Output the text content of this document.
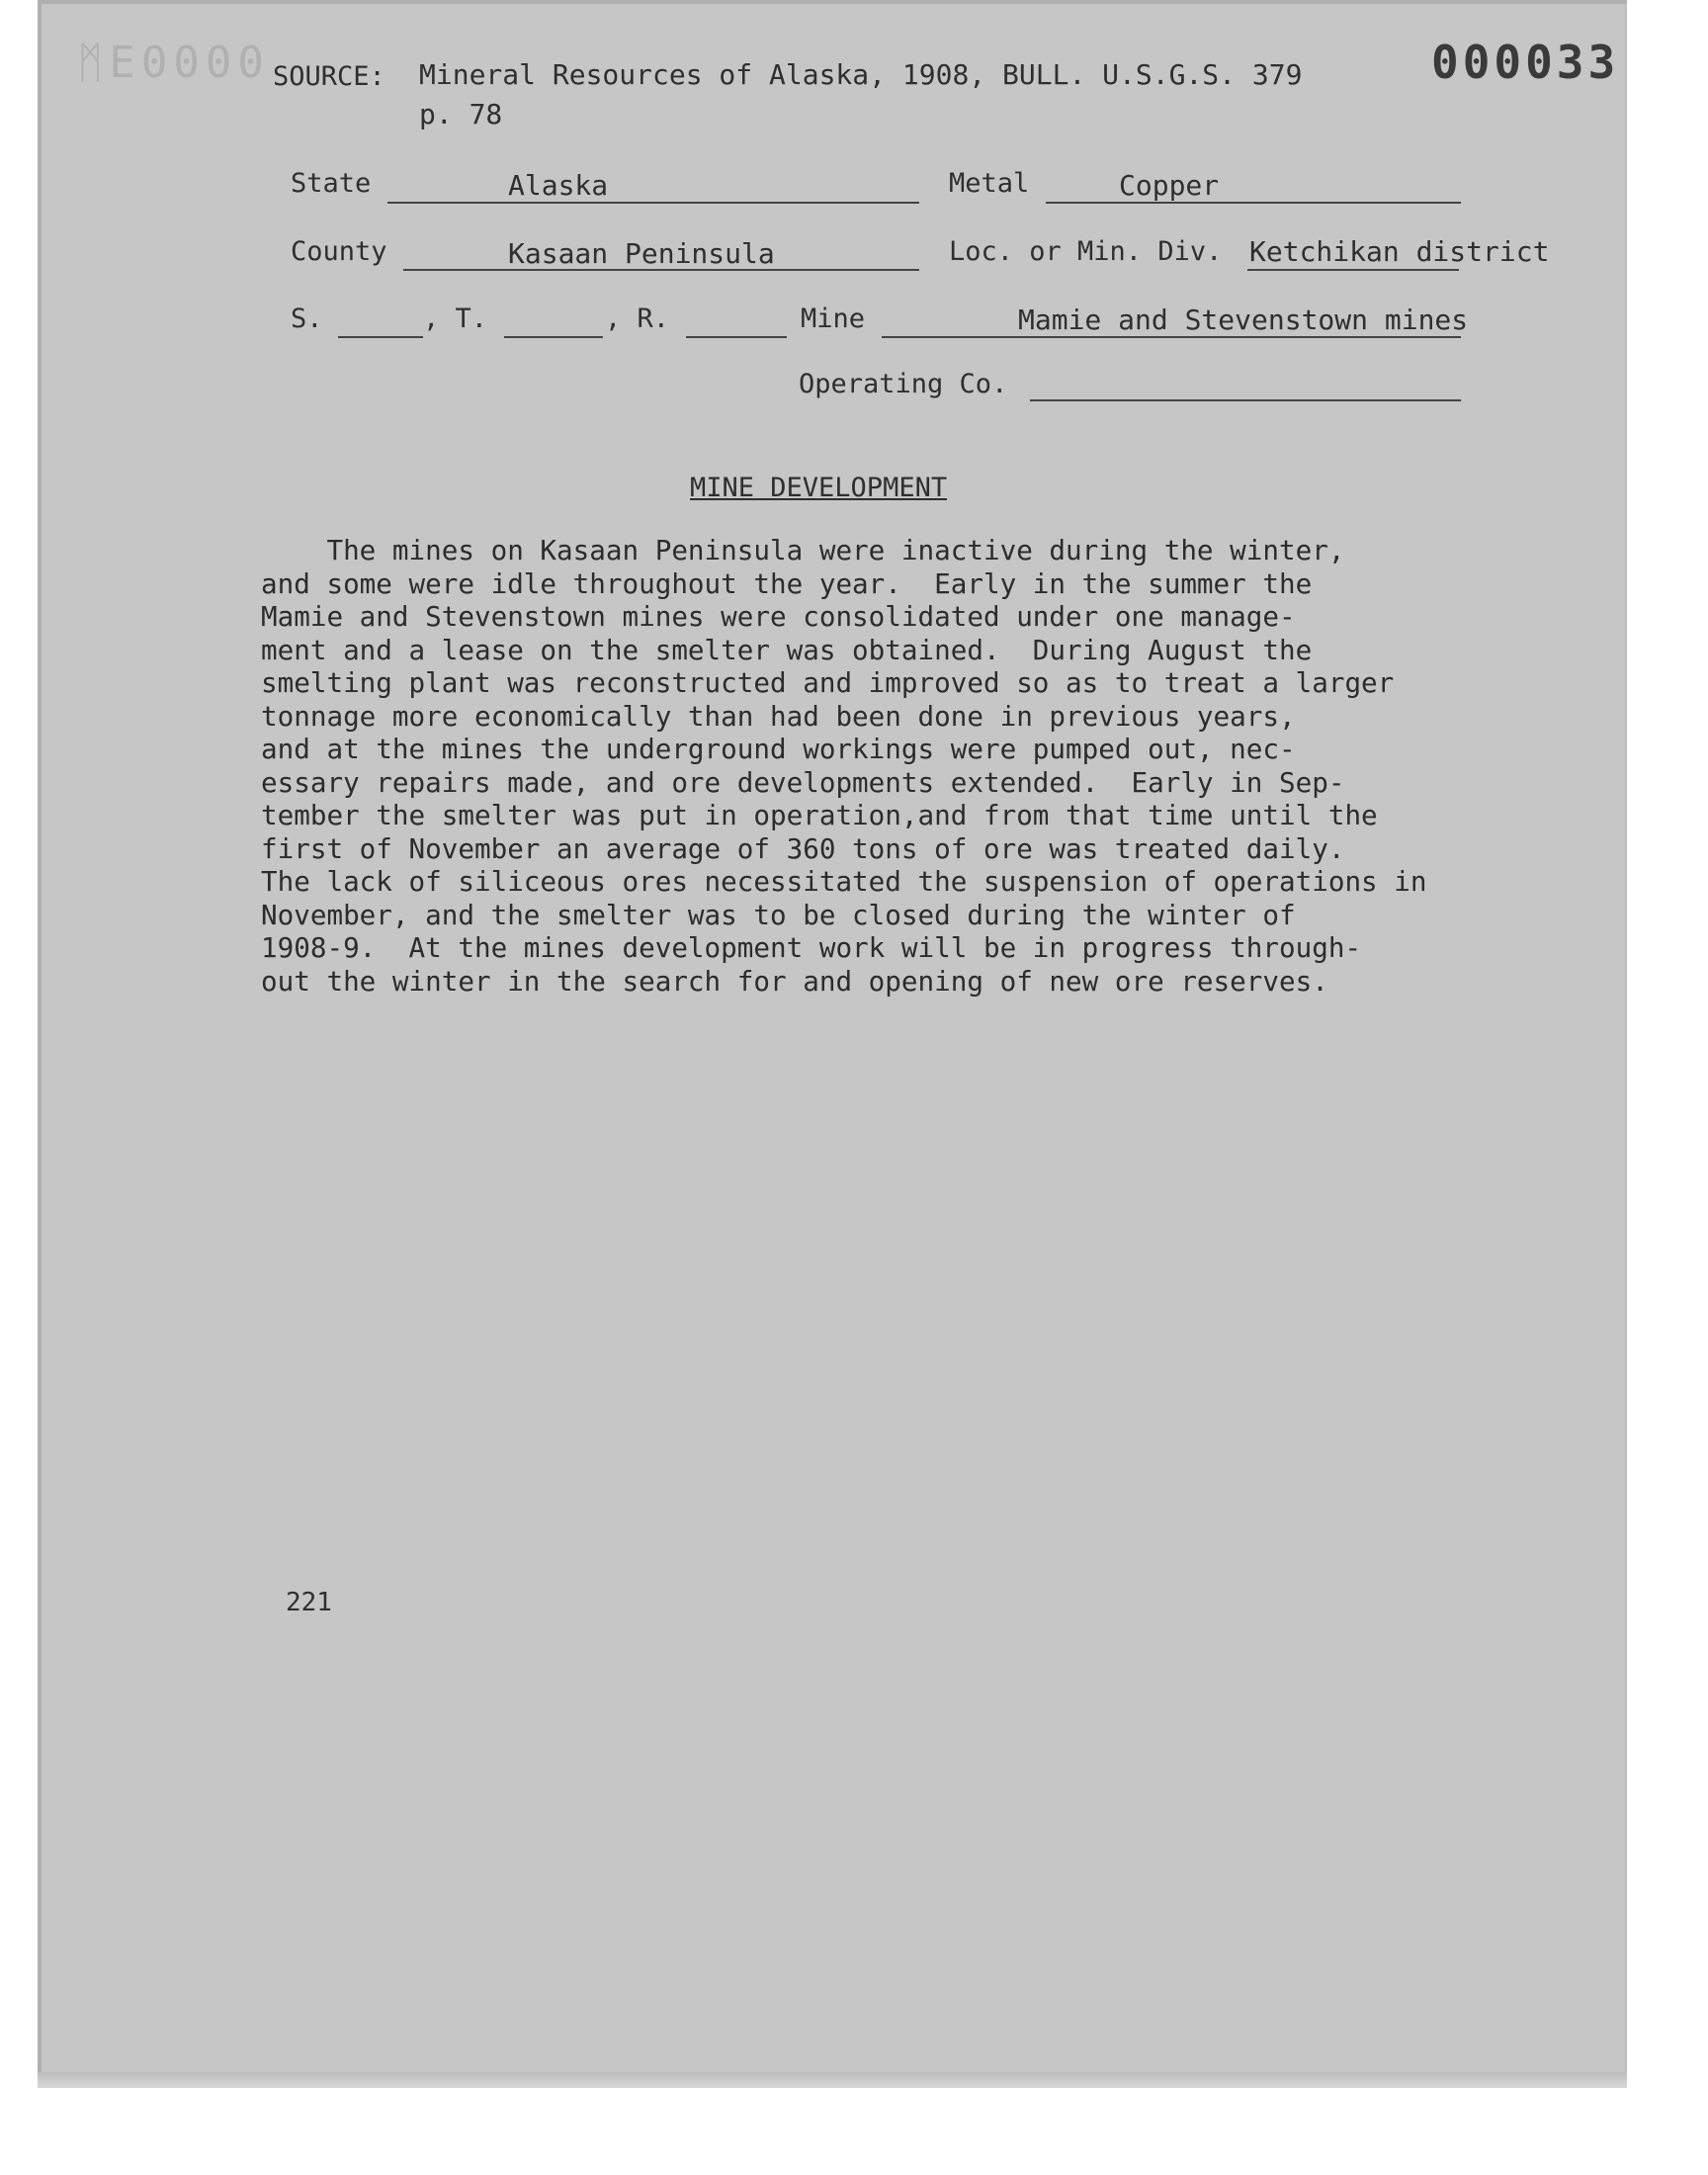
ᛗE0000	000033
SOURCE: Mineral Resources of Alaska, 1908, BULL. U.S.G.S. 379
p. 78
State	Alaska	Metal	Copper
County	Kasaan Peninsula	Loc. or Min. Div. Ketchikan district
S.	, T.	, R.	Mine	Mamie and Stevenstown mines
Operating Co.
MINE DEVELOPMENT
The mines on Kasaan Peninsula were inactive during the winter,
and some were idle throughout the year.  Early in the summer the
Mamie and Stevenstown mines were consolidated under one manage-
ment and a lease on the smelter was obtained.  During August the
smelting plant was reconstructed and improved so as to treat a larger
tonnage more economically than had been done in previous years,
and at the mines the underground workings were pumped out, nec-
essary repairs made, and ore developments extended.  Early in Sep-
tember the smelter was put in operation,and from that time until the
first of November an average of 360 tons of ore was treated daily.
The lack of siliceous ores necessitated the suspension of operations in
November, and the smelter was to be closed during the winter of
1908-9.  At the mines development work will be in progress through-
out the winter in the search for and opening of new ore reserves.
221
